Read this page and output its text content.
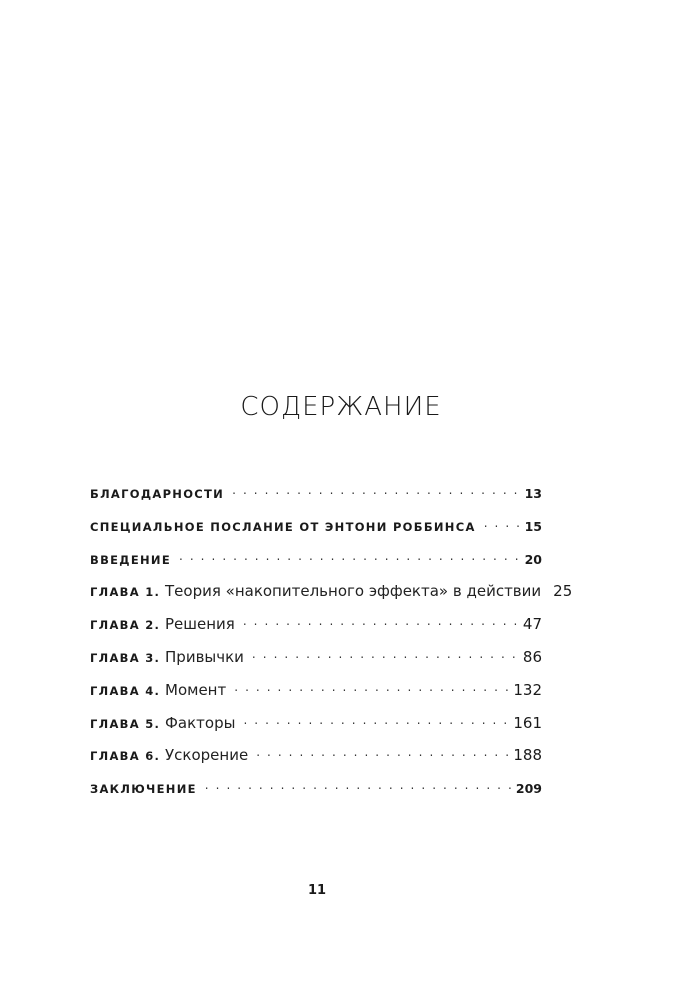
СОДЕРЖАНИЕ
БЛАГОДАРНОСТИ . . .	13
СПЕЦИАЛЬНОЕ ПОСЛАНИЕ ОТ ЭНТОНИ РОББИНСА . . .	15
ВВЕДЕНИЕ . . .	20
ГЛАВА 1. Теория «накопительного эффекта» в действии 25
ГЛАВА 2. Решения . . .	47
ГЛАВА 3. Привычки . . .	86
ГЛАВА 4. Момент . . .	132
ГЛАВА 5. Факторы . . .	161
ГЛАВА 6. Ускорение . . .	188
ЗАКЛЮЧЕНИЕ . . .	209
11
